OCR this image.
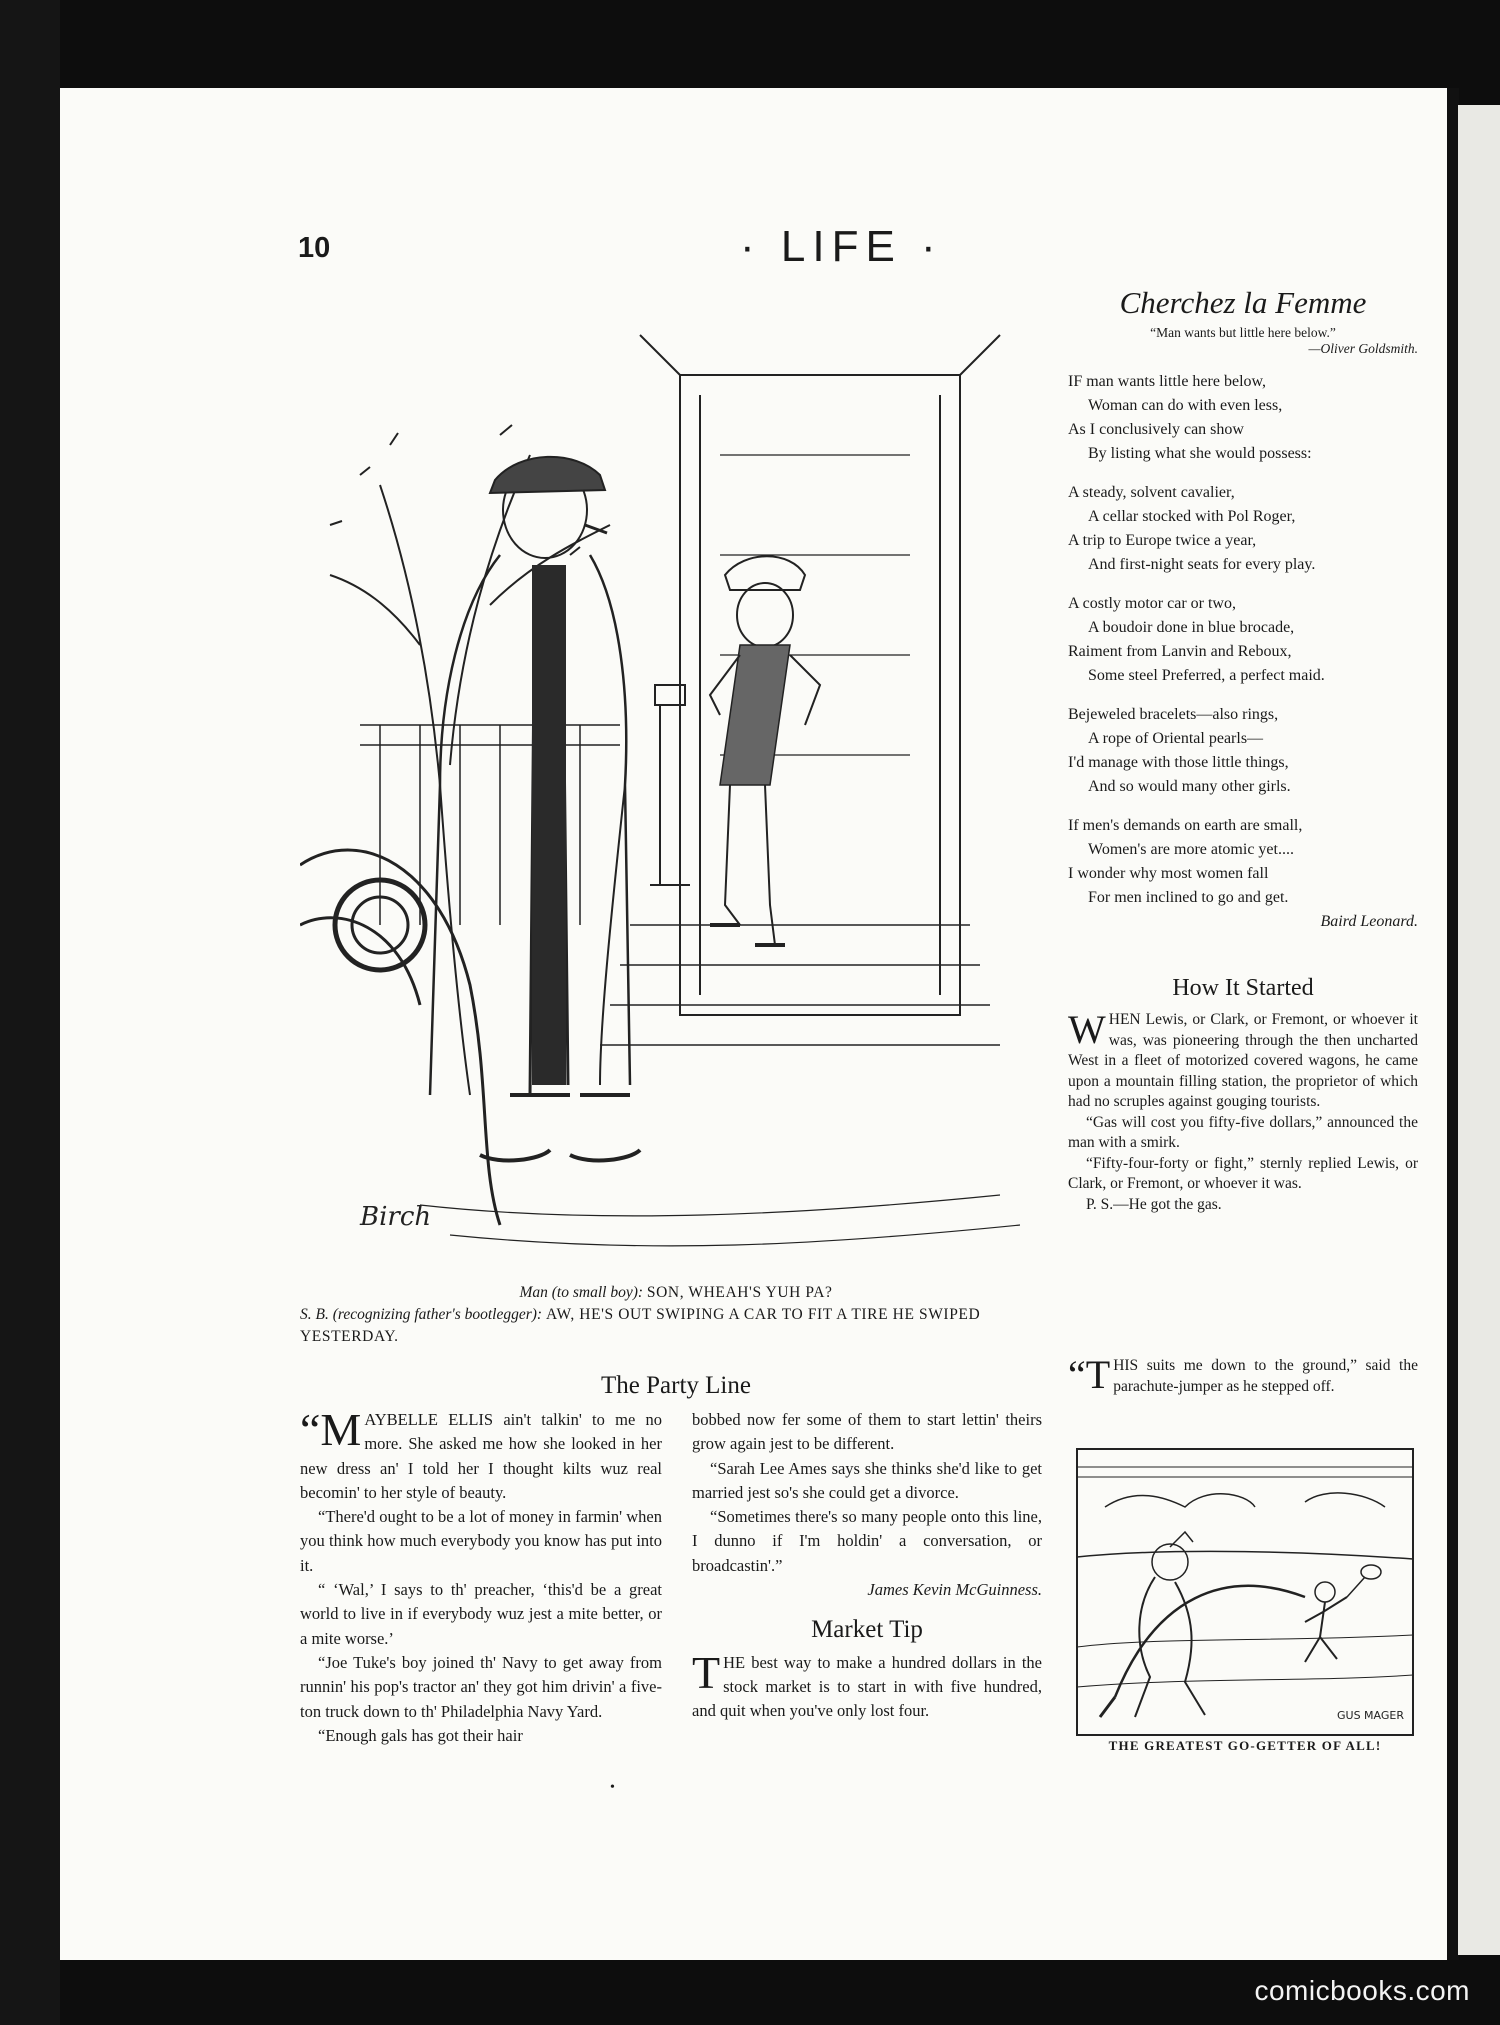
10	· LIFE ·
Birch
Man (to small boy): SON, WHEAH'S YUH PA?
S. B. (recognizing father's bootlegger): AW, HE'S OUT SWIPING A CAR TO FIT A TIRE HE SWIPED YESTERDAY.
The Party Line

“MAYBELLE ELLIS ain't talkin' to me no more. She asked me how she looked in her new dress an' I told her I thought kilts wuz real becomin' to her style of beauty.

“There'd ought to be a lot of money in farmin' when you think how much everybody you know has put into it.

“ ‘Wal,’ I says to th' preacher, ‘this'd be a great world to live in if everybody wuz jest a mite better, or a mite worse.’

“Joe Tuke's boy joined th' Navy to get away from runnin' his pop's tractor an' they got him drivin' a five-ton truck down to th' Philadelphia Navy Yard.

“Enough gals has got their hair

bobbed now fer some of them to start lettin' theirs grow again jest to be different.

“Sarah Lee Ames says she thinks she'd like to get married jest so's she could get a divorce.

“Sometimes there's so many people onto this line, I dunno if I'm holdin' a conversation, or broadcastin'.”

James Kevin McGuinness.

Market Tip

THE best way to make a hundred dollars in the stock market is to start in with five hundred, and quit when you've only lost four.

Cherchez la Femme
“Man wants but little here below.”
—Oliver Goldsmith.
IF man wants little here below,
Woman can do with even less,
As I conclusively can show
By listing what she would possess:
A steady, solvent cavalier,
A cellar stocked with Pol Roger,
A trip to Europe twice a year,
And first-night seats for every play.
A costly motor car or two,
A boudoir done in blue brocade,
Raiment from Lanvin and Reboux,
Some steel Preferred, a perfect maid.
Bejeweled bracelets—also rings,
A rope of Oriental pearls—
I'd manage with those little things,
And so would many other girls.
If men's demands on earth are small,
Women's are more atomic yet....
I wonder why most women fall
For men inclined to go and get.
Baird Leonard.
How It Started

WHEN Lewis, or Clark, or Fremont, or whoever it was, was pioneering through the then uncharted West in a fleet of motorized covered wagons, he came upon a mountain filling station, the proprietor of which had no scruples against gouging tourists.

“Gas will cost you fifty-five dollars,” announced the man with a smirk.

“Fifty-four-forty or fight,” sternly replied Lewis, or Clark, or Fremont, or whoever it was.

P. S.—He got the gas.

“THIS suits me down to the ground,” said the parachute-jumper as he stepped off.

GUS MAGER
THE GREATEST GO-GETTER OF ALL!
•
comicbooks.com
